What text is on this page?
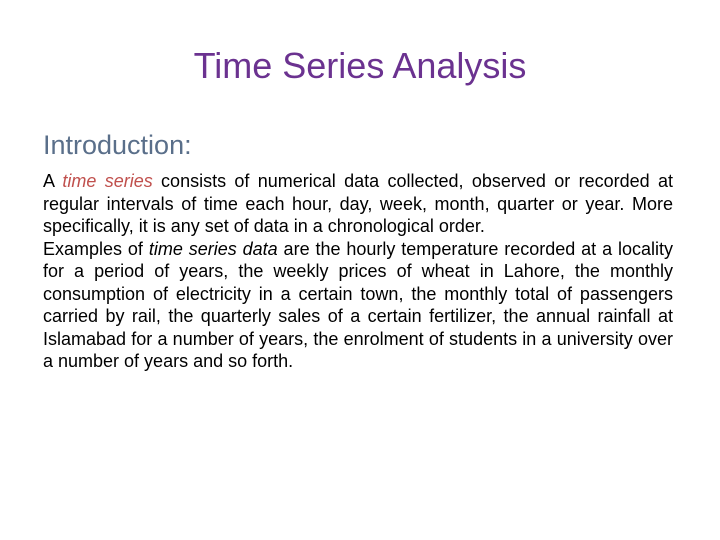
Time Series Analysis
Introduction:

A time series consists of numerical data collected, observed or recorded at regular intervals of time each hour, day, week, month, quarter or year. More specifically, it is any set of data in a chronological order.

Examples of time series data are the hourly temperature recorded at a locality for a period of years, the weekly prices of wheat in Lahore, the monthly consumption of electricity in a certain town, the monthly total of passengers carried by rail, the quarterly sales of a certain fertilizer, the annual rainfall at Islamabad for a number of years, the enrolment of students in a university over a number of years and so forth.
